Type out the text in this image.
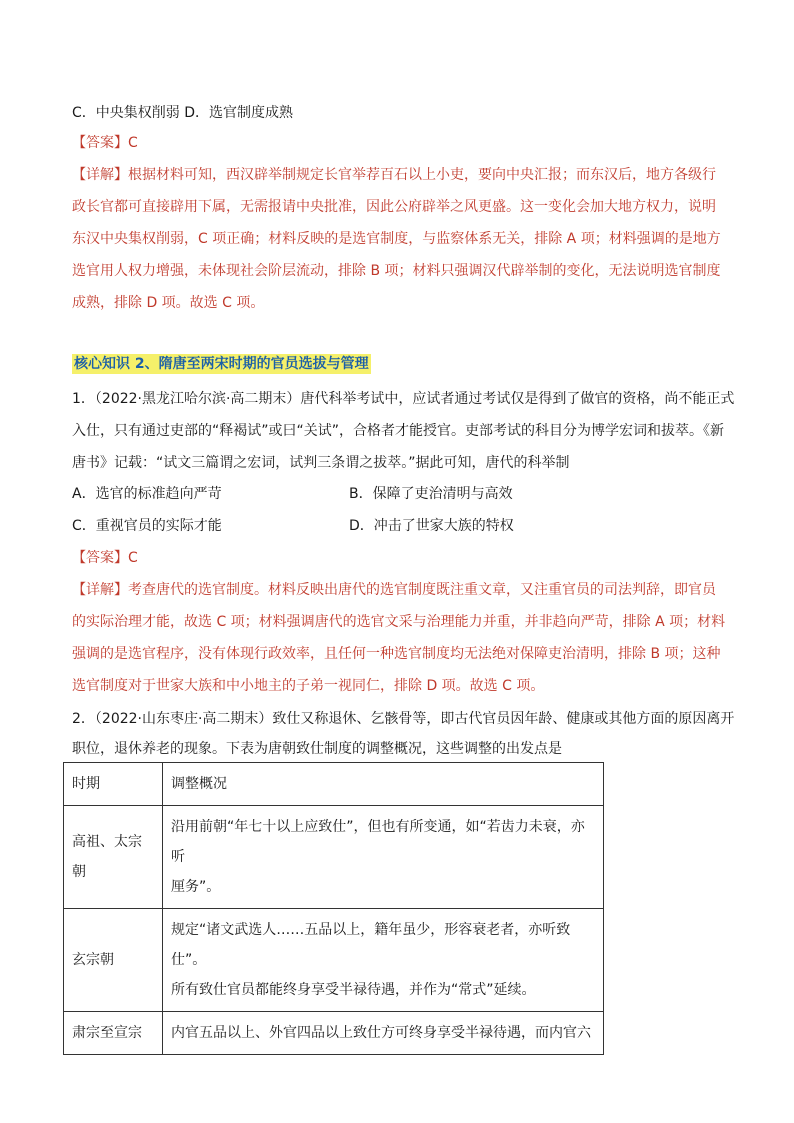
C．中央集权削弱 D．选官制度成熟
【答案】C
【详解】根据材料可知，西汉辟举制规定长官举荐百石以上小吏，要向中央汇报；而东汉后，地方各级行
政长官都可直接辟用下属，无需报请中央批准，因此公府辟举之风更盛。这一变化会加大地方权力，说明
东汉中央集权削弱，C 项正确；材料反映的是选官制度，与监察体系无关，排除 A 项；材料强调的是地方
选官用人权力增强，未体现社会阶层流动，排除 B 项；材料只强调汉代辟举制的变化，无法说明选官制度
成熟，排除 D 项。故选 C 项。
核心知识 2、隋唐至两宋时期的官员选拔与管理
1．（2022·黑龙江哈尔滨·高二期末）唐代科举考试中，应试者通过考试仅是得到了做官的资格，尚不能正式
入仕，只有通过吏部的“释褐试”或曰“关试”，合格者才能授官。吏部考试的科目分为博学宏词和拔萃。《新
唐书》记载：“试文三篇谓之宏词，试判三条谓之拔萃。”据此可知，唐代的科举制
A．选官的标准趋向严苛	B．保障了吏治清明与高效
C．重视官员的实际才能	D．冲击了世家大族的特权
【答案】C
【详解】考查唐代的选官制度。材料反映出唐代的选官制度既注重文章，又注重官员的司法判辞，即官员
的实际治理才能，故选 C 项；材料强调唐代的选官文采与治理能力并重，并非趋向严苛，排除 A 项；材料
强调的是选官程序，没有体现行政效率，且任何一种选官制度均无法绝对保障吏治清明，排除 B 项；这种
选官制度对于世家大族和中小地主的子弟一视同仁，排除 D 项。故选 C 项。
2．（2022·山东枣庄·高二期末）致仕又称退休、乞骸骨等，即古代官员因年龄、健康或其他方面的原因离开
职位，退休养老的现象。下表为唐朝致仕制度的调整概况，这些调整的出发点是
时期	调整概况
高祖、太宗朝	沿用前朝“年七十以上应致仕”，但也有所变通，如“若齿力未衰，亦听
厘务”。

玄宗朝	规定“诸文武选人……五品以上，籍年虽少，形容衰老者，亦听致仕”。
所有致仕官员都能终身享受半禄待遇，并作为“常式”延续。

肃宗至宣宗	内官五品以上、外官四品以上致仕方可终身享受半禄待遇，而内官六
